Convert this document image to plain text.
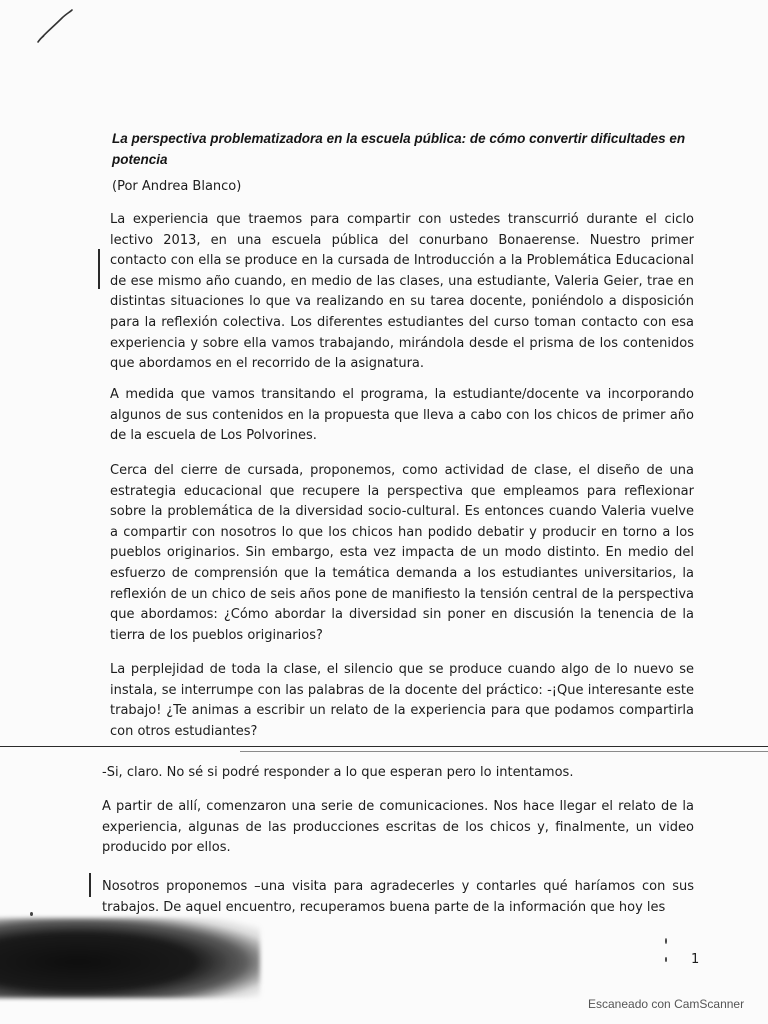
La perspectiva problematizadora en la escuela pública: de cómo convertir dificultades en potencia
(Por Andrea Blanco)

La experiencia que traemos para compartir con ustedes transcurrió durante el ciclo lectivo 2013, en una escuela pública del conurbano Bonaerense. Nuestro primer contacto con ella se produce en la cursada de Introducción a la Problemática Educacional de ese mismo año cuando, en medio de las clases, una estudiante, Valeria Geier, trae en distintas situaciones lo que va realizando en su tarea docente, poniéndolo a disposición para la reflexión colectiva. Los diferentes estudiantes del curso toman contacto con esa experiencia y sobre ella vamos trabajando, mirándola desde el prisma de los contenidos que abordamos en el recorrido de la asignatura.

A medida que vamos transitando el programa, la estudiante/docente va incorporando algunos de sus contenidos en la propuesta que lleva a cabo con los chicos de primer año de la escuela de Los Polvorines.

Cerca del cierre de cursada, proponemos, como actividad de clase, el diseño de una estrategia educacional que recupere la perspectiva que empleamos para reflexionar sobre la problemática de la diversidad socio-cultural. Es entonces cuando Valeria vuelve a compartir con nosotros lo que los chicos han podido debatir y producir en torno a los pueblos originarios. Sin embargo, esta vez impacta de un modo distinto. En medio del esfuerzo de comprensión que la temática demanda a los estudiantes universitarios, la reflexión de un chico de seis años pone de manifiesto la tensión central de la perspectiva que abordamos: ¿Cómo abordar la diversidad sin poner en discusión la tenencia de la tierra de los pueblos originarios?

La perplejidad de toda la clase, el silencio que se produce cuando algo de lo nuevo se instala, se interrumpe con las palabras de la docente del práctico: -¡Que interesante este trabajo! ¿Te animas a escribir un relato de la experiencia para que podamos compartirla con otros estudiantes?

-Si, claro. No sé si podré responder a lo que esperan pero lo intentamos.

A partir de allí, comenzaron una serie de comunicaciones. Nos hace llegar el relato de la experiencia, algunas de las producciones escritas de los chicos y, finalmente, un video producido por ellos.

Nosotros proponemos –una visita para agradecerles y contarles qué haríamos con sus trabajos. De aquel encuentro, recuperamos buena parte de la información que hoy les

1
Escaneado con CamScanner
